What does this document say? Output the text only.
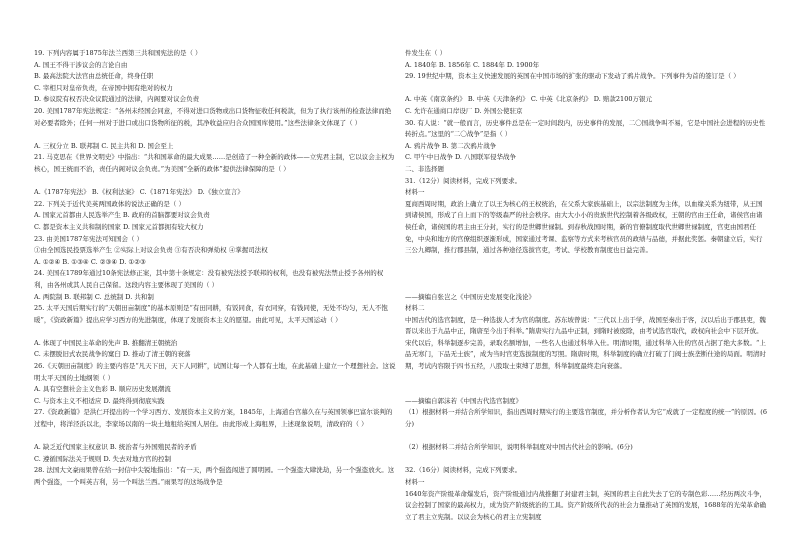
19. 下列内容属于1875年法兰西第三共和国宪法的是（ ）
A. 国王不得干涉议会的言论自由
B. 最高法院大法官由总统任命，终身任职
C. 宰相只对皇帝负责，在帝国中拥有绝对的权力
D. 参议院有权否决众议院通过的法律，内阁要对议会负责
20. 美国1787年宪法规定：“各州未经国会同意，不得对进口货物或出口货物征收任何税款，但为了执行该州的检查法律而绝对必要者除外；任何一州对于进口或出口货物所征的税，其净收益应归合众国国库使用。”这些法律条文体现了（ ）
A. 三权分立 B. 联邦制 C. 民主共和 D. 国会至上
21. 马克思在《世界文明史》中指出：“共和国革命的最大成果……是创造了一种全新的政体——立宪君主制，它以议会主权为核心，国王统而不治，责任内阁对议会负责。”为美国“全新的政体”提供法律保障的是（ ）
A.《1787年宪法》 B.《权利法案》 C.《1871年宪法》 D.《独立宣言》
22. 下列关于近代美英两国政体的说法正确的是（ ）
A. 国家元首都由人民选举产生 B. 政府的首脑都要对议会负责
C. 都是资本主义共和制的国家 D. 国家元首都拥有较大权力
23. 由美国1787年宪法可知国会（ ）
①由全国选民投票选举产生 ②实际上对议会负责 ③有否决和弹劾权 ④掌握司法权
A. ①②④ B. ①③④ C. ②③④ D. ①②③
24. 美国在1789年通过10条宪法修正案，其中第十条规定：没有被宪法授予联邦的权利，也没有被宪法禁止授予各州的权利，由各州或其人民自己保留。这段内容主要体现了美国的（ ）
A. 两院制 B. 联邦制 C. 总统制 D. 共和制
25. 太平天国后期实行的“天朝田亩制度”的基本原则是“有田同耕，有饭同食，有衣同穿，有钱同使，无处不均匀，无人不饱暖”，《资政新篇》提出应学习西方的先进制度，体现了发展资本主义的愿望。由此可见，太平天国运动（ ）
A. 体现了中国民主革命的先声 B. 推翻清王朝统治
C. 未摆脱旧式农民战争的窠臼 D. 推动了清王朝的衰落
26.《天朝田亩制度》的主要内容是“凡天下田，天下人同耕”，试图让每一个人都有土地，在此基础上建立一个理想社会。这说明太平天国的土地纲领（ ）
A. 具有空想社会主义色彩 B. 顺应历史发展潮流
C. 与资本主义不相适应 D. 最终得到彻底实践
27.《资政新篇》是洪仁玕提出的一个学习西方、发展资本主义的方案，1845年，上海道台宫慕久在与英国领事巴富尔谈判的过程中，将洋泾浜以北，李家场以南的一块土地租给英国人居住。由此形成上海租界，上述现象说明，清政府的（ ）
A. 缺乏近代国家主权意识 B. 统治者与外国殖民者的矛盾
C. 遵循国际法关于规则 D. 失去对地方官的控制
28. 法国大文豪雨果曾在给一封信中尖锐地指出：“有一天，两个强盗闯进了圆明园。一个强盗大肆洗劫，另一个强盗放火。这两个强盗，一个叫英吉利，另一个叫法兰西。”雨果写的这场战争是
件发生在（ ）
A. 1840年 B. 1856年 C. 1884年 D. 1900年
29. 19世纪中期，资本主义快速发展的英国在中国市场的扩张的驱动下发动了鸦片战争。下列事件为首的签订是（ ）
A. 中英《南京条约》 B. 中英《天津条约》 C. 中英《北京条约》 D. 赔款2100万银元
C. 允许在通商口岸设厂 D. 外国公使驻京
30. 有人说：“就一般而言，历史事件总是在一定时间段内，历史事件的发展，二〇国战争叫不易，它是中国社会进程的历史性转折点。”这里的“二〇战争”是指（ ）
A. 鸦片战争 B. 第二次鸦片战争
C. 甲午中日战争 D. 八国联军侵华战争
二、非选择题
31.（12分）阅读材料，完成下列要求。
材料一
夏商西周时期，政治上确立了以王为核心的王权统治，在父系大家族基础上，以宗法制度为主体，以血缘关系为纽带，从王国到诸侯国，形成了自上而下的等级森严的社会秩序。由大大小小的贵族世代控制着各级政权，王朝的官由王任命，诸侯官由诸侯任命，诸侯国的君主由王分封，实行的是世卿世禄制。到春秋战国时期，新的官僚制度取代世卿世禄制度，官吏由国君任免，中央和地方的官僚组织逐渐形成，国家通过考课、监察等方式来考核官员的政绩与品德，并据此奖惩。秦朝建立后，实行三公九卿制，推行郡县制，通过各种途径选拔官吏，考试、学校教育制度也日益完善。
——摘编自张岂之《中国历史发展变化浅论》
材料二
中国古代的选官制度，是一种选拔人才为官的制度。苏东坡曾说：“三代以上出于学，战国至秦出于客，汉以后出于郡县吏，魏晋以来出于九品中正，隋唐至今出于科举。”隋唐实行九品中正制，到隋时被废除，由考试选官取代，政权向社会中下层开放。宋代以后，科举制逐步完善，录取名额增加，一些名人也通过科举入仕。明清时期，通过科举入仕的官员占据了绝大多数。“上品无寒门，下品无士族”，成为当时官吏选拔制度的写照。隋唐时期，科举制度的确立打破了门阀士族垄断仕途的局面。明清时期，考试内容限于四书五经，八股取士束缚了思想，科举制度最终走向衰落。
——摘编自郭沫若《中国古代选官制度》
（1）根据材料一并结合所学知识，指出西周时期实行的主要选官制度，并分析作者认为它“成就了一定程度的统一”的原因。(6分)
（2）根据材料二并结合所学知识，说明科举制度对中国古代社会的影响。(6分)
32.（16分）阅读材料，完成下列要求。
材料一
1640年资产阶级革命爆发后，资产阶级通过内战推翻了封建君主制，英国的君主自此失去了它的专制色彩……经历两次斗争，议会控制了国家的最高权力，成为资产阶级统治的工具。资产阶级所代表的社会力量推动了英国的发展，1688年的光荣革命确立了君主立宪制。以议会为核心的君主立宪制度
